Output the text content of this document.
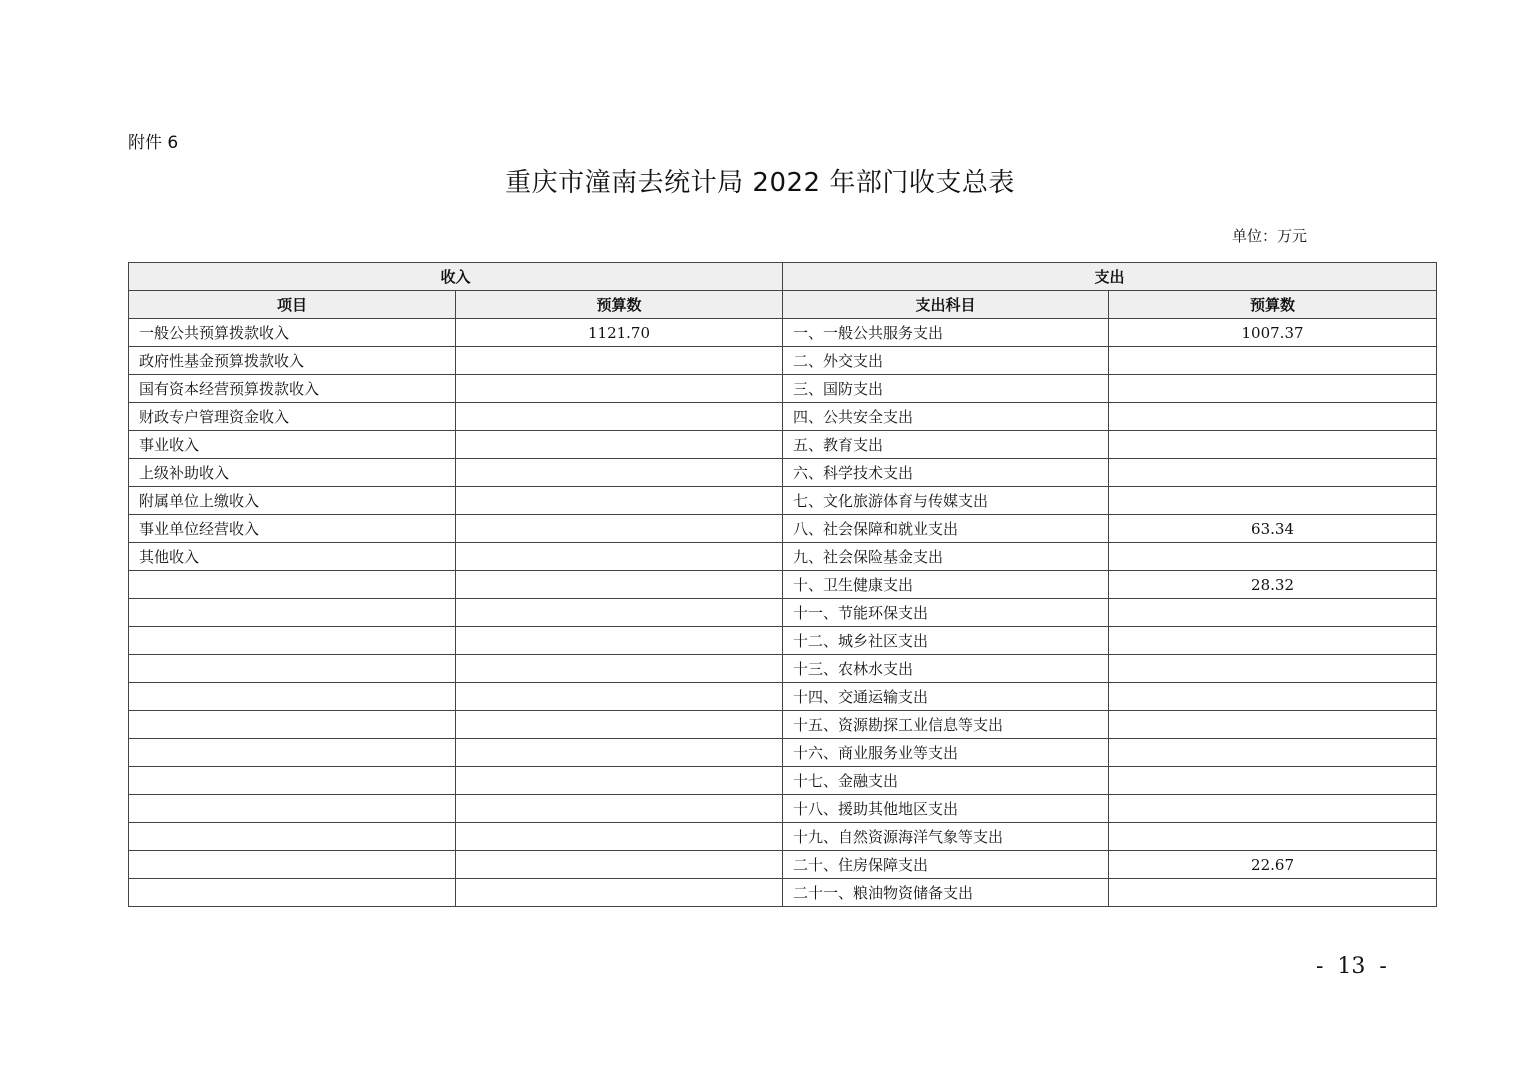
附件 6
重庆市潼南去统计局 2022 年部门收支总表
单位：万元
收入		支出	
项目	预算数	支出科目	预算数
一般公共预算拨款收入	1121.70	一、一般公共服务支出	1007.37
政府性基金预算拨款收入		二、外交支出	
国有资本经营预算拨款收入		三、国防支出	
财政专户管理资金收入		四、公共安全支出	
事业收入		五、教育支出	
上级补助收入		六、科学技术支出	
附属单位上缴收入		七、文化旅游体育与传媒支出	
事业单位经营收入		八、社会保障和就业支出	63.34
其他收入		九、社会保险基金支出	
		十、卫生健康支出	28.32
		十一、节能环保支出	
		十二、城乡社区支出	
		十三、农林水支出	
		十四、交通运输支出	
		十五、资源勘探工业信息等支出	
		十六、商业服务业等支出	
		十七、金融支出	
		十八、援助其他地区支出	
		十九、自然资源海洋气象等支出	
		二十、住房保障支出	22.67
		二十一、粮油物资储备支出	
-  13  -
